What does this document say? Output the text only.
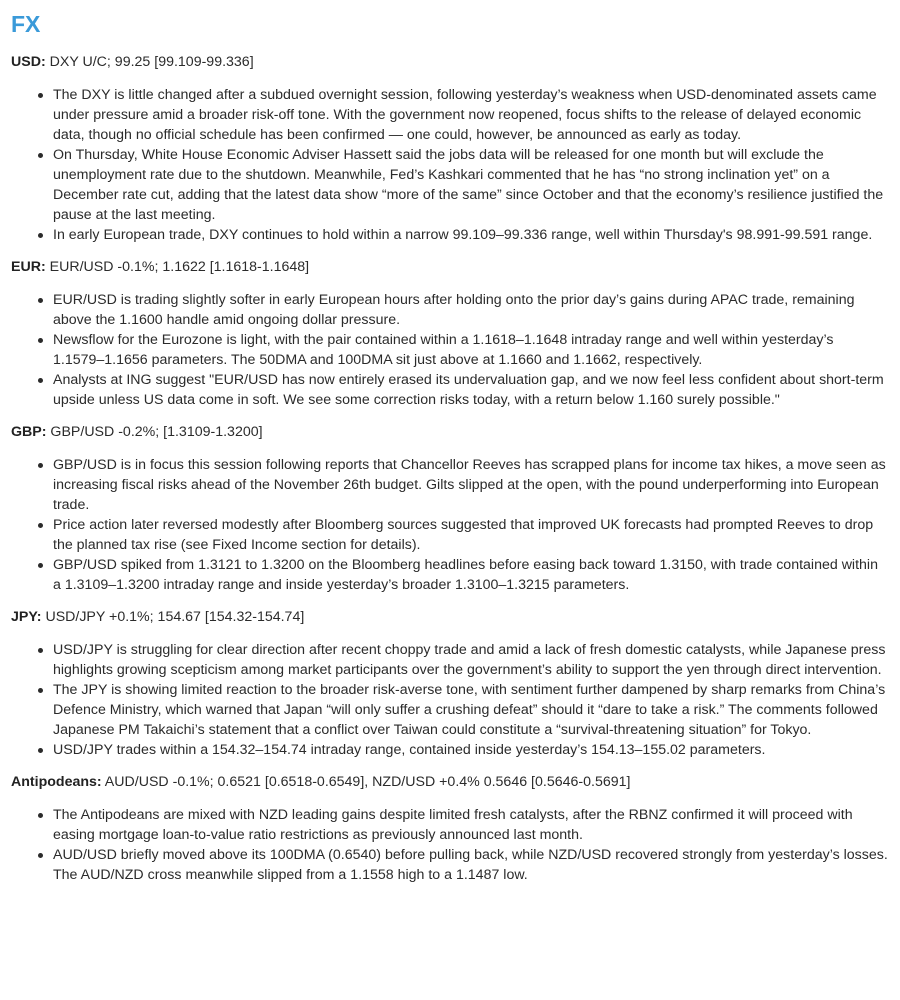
FX

USD: DXY U/C; 99.25 [99.109-99.336]

The DXY is little changed after a subdued overnight session, following yesterday’s weakness when USD-denominated assets came under pressure amid a broader risk-off tone. With the government now reopened, focus shifts to the release of delayed economic data, though no official schedule has been confirmed — one could, however, be announced as early as today.
On Thursday, White House Economic Adviser Hassett said the jobs data will be released for one month but will exclude the unemployment rate due to the shutdown. Meanwhile, Fed’s Kashkari commented that he has “no strong inclination yet” on a December rate cut, adding that the latest data show “more of the same” since October and that the economy’s resilience justified the pause at the last meeting.
In early European trade, DXY continues to hold within a narrow 99.109–99.336 range, well within Thursday's 98.991-99.591 range.

EUR: EUR/USD -0.1%; 1.1622 [1.1618-1.1648]

EUR/USD is trading slightly softer in early European hours after holding onto the prior day’s gains during APAC trade, remaining above the 1.1600 handle amid ongoing dollar pressure.
Newsflow for the Eurozone is light, with the pair contained within a 1.1618–1.1648 intraday range and well within yesterday’s 1.1579–1.1656 parameters. The 50DMA and 100DMA sit just above at 1.1660 and 1.1662, respectively.
Analysts at ING suggest "EUR/USD has now entirely erased its undervaluation gap, and we now feel less confident about short-term upside unless US data come in soft. We see some correction risks today, with a return below 1.160 surely possible."

GBP: GBP/USD -0.2%; [1.3109-1.3200]

GBP/USD is in focus this session following reports that Chancellor Reeves has scrapped plans for income tax hikes, a move seen as increasing fiscal risks ahead of the November 26th budget. Gilts slipped at the open, with the pound underperforming into European trade.
Price action later reversed modestly after Bloomberg sources suggested that improved UK forecasts had prompted Reeves to drop the planned tax rise (see Fixed Income section for details).
GBP/USD spiked from 1.3121 to 1.3200 on the Bloomberg headlines before easing back toward 1.3150, with trade contained within a 1.3109–1.3200 intraday range and inside yesterday’s broader 1.3100–1.3215 parameters.

JPY: USD/JPY +0.1%; 154.67 [154.32-154.74]

USD/JPY is struggling for clear direction after recent choppy trade and amid a lack of fresh domestic catalysts, while Japanese press highlights growing scepticism among market participants over the government’s ability to support the yen through direct intervention.
The JPY is showing limited reaction to the broader risk-averse tone, with sentiment further dampened by sharp remarks from China’s Defence Ministry, which warned that Japan “will only suffer a crushing defeat” should it “dare to take a risk.” The comments followed Japanese PM Takaichi’s statement that a conflict over Taiwan could constitute a “survival-threatening situation” for Tokyo.
USD/JPY trades within a 154.32–154.74 intraday range, contained inside yesterday’s 154.13–155.02 parameters.

Antipodeans: AUD/USD -0.1%; 0.6521 [0.6518-0.6549], NZD/USD +0.4% 0.5646 [0.5646-0.5691]

The Antipodeans are mixed with NZD leading gains despite limited fresh catalysts, after the RBNZ confirmed it will proceed with easing mortgage loan-to-value ratio restrictions as previously announced last month.
AUD/USD briefly moved above its 100DMA (0.6540) before pulling back, while NZD/USD recovered strongly from yesterday’s losses. The AUD/NZD cross meanwhile slipped from a 1.1558 high to a 1.1487 low.
